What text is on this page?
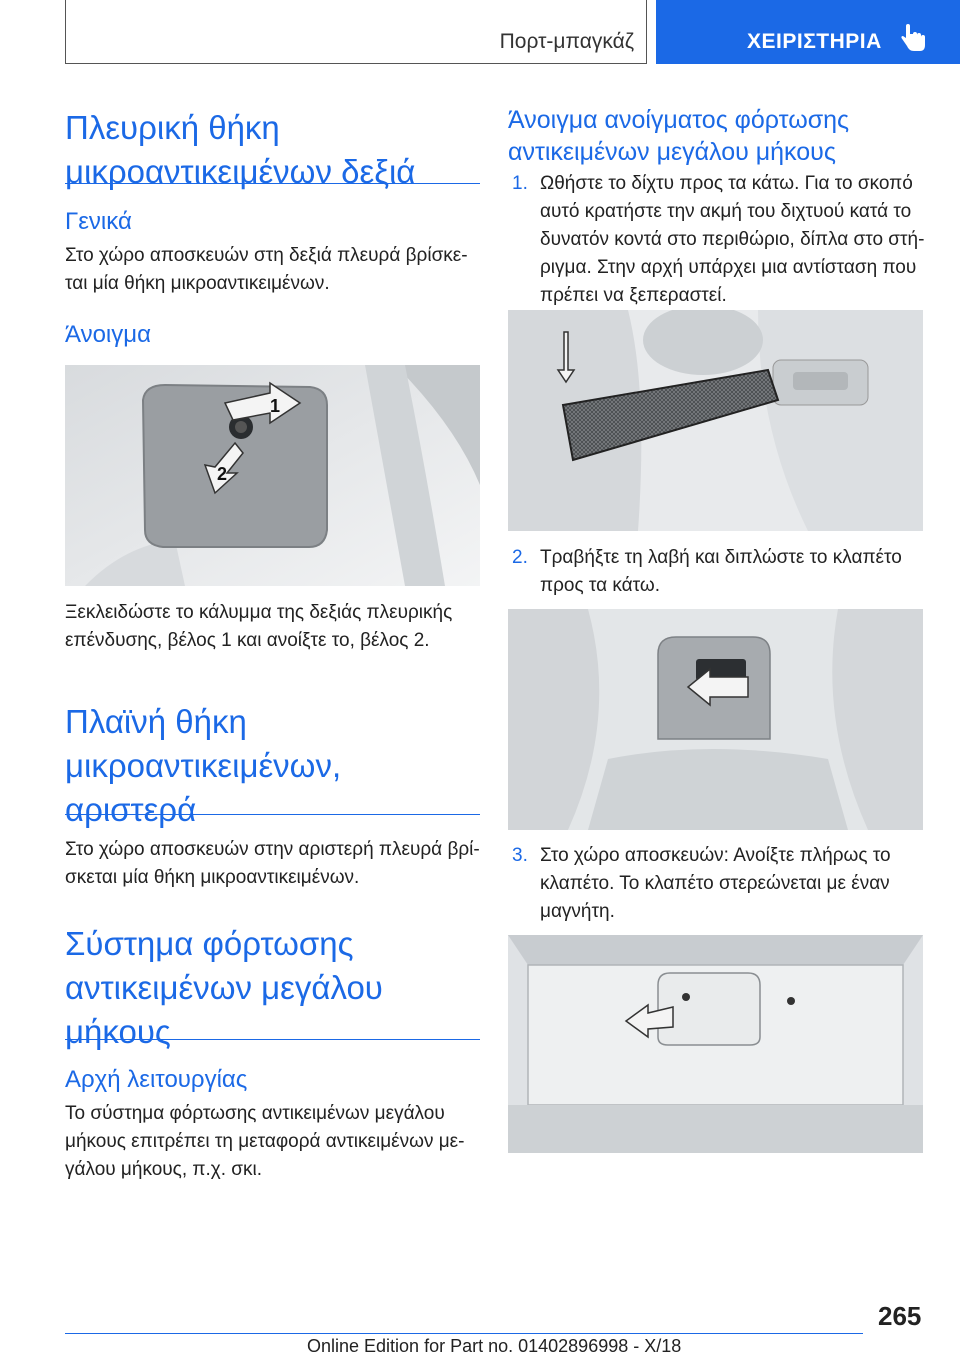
Πορτ-μπαγκάζ	ΧΕΙΡΙΣΤΗΡΙΑ

Πλευρική θήκη

μικροαντικειμένων δεξιά

Γενικά

Στο χώρο αποσκευών στη δεξιά πλευρά βρίσκε-

ται μία θήκη μικροαντικειμένων.

Άνοιγμα

1
2

Ξεκλειδώστε το κάλυμμα της δεξιάς πλευρικής

επένδυσης, βέλος 1 και ανοίξτε το, βέλος 2.

Πλαϊνή θήκη

μικροαντικειμένων,

αριστερά

Στο χώρο αποσκευών στην αριστερή πλευρά βρί-

σκεται μία θήκη μικροαντικειμένων.

Σύστημα φόρτωσης

αντικειμένων μεγάλου

μήκους

Αρχή λειτουργίας

Το σύστημα φόρτωσης αντικειμένων μεγάλου

μήκους επιτρέπει τη μεταφορά αντικειμένων με-

γάλου μήκους, π.χ. σκι.

Άνοιγμα ανοίγματος φόρτωσης

αντικειμένων μεγάλου μήκους

1. Ωθήστε το δίχτυ προς τα κάτω. Για το σκοπό
αυτό κρατήστε την ακμή του διχτυού κατά το
δυνατόν κοντά στο περιθώριο, δίπλα στο στή-
ριγμα. Στην αρχή υπάρχει μια αντίσταση που
πρέπει να ξεπεραστεί.
2. Τραβήξτε τη λαβή και διπλώστε το κλαπέτο
προς τα κάτω.
3. Στο χώρο αποσκευών: Ανοίξτε πλήρως το
κλαπέτο. Το κλαπέτο στερεώνεται με έναν
μαγνήτη.
265
Online Edition for Part no. 01402896998 - X/18
